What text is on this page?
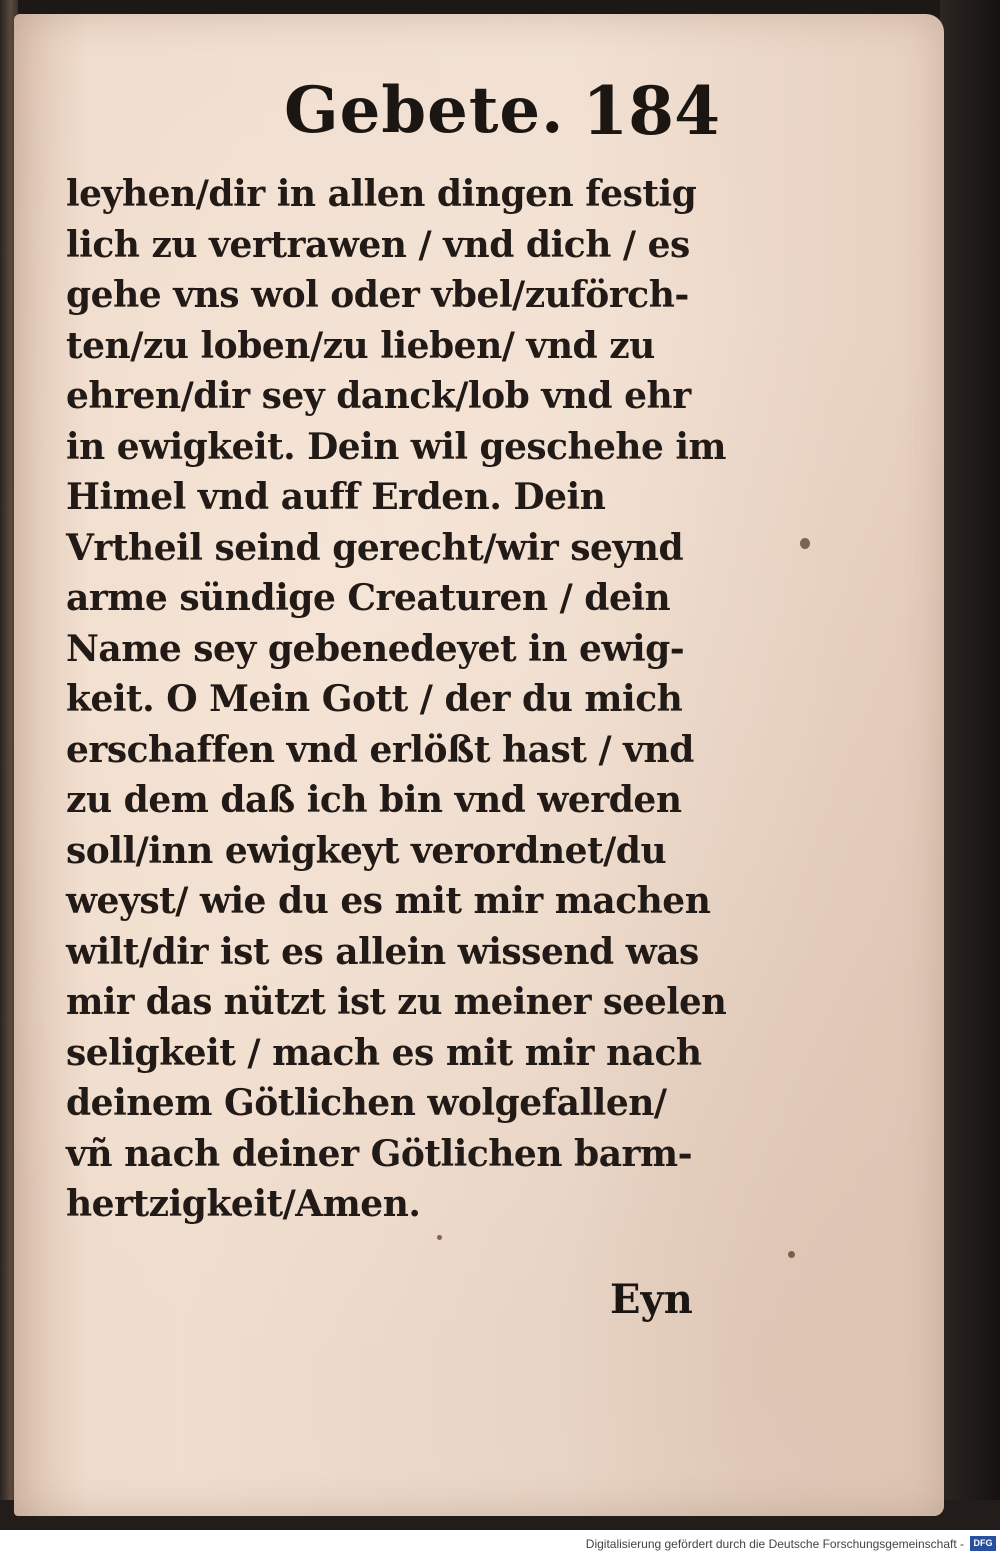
Gebete. 184
leyhen/dir in allen dingen festig
lich zu vertrawen / vnd dich / es
gehe vns wol oder vbel/zuförch-
ten/zu loben/zu lieben/ vnd zu
ehren/dir sey danck/lob vnd ehr
in ewigkeit. Dein wil geschehe im
Himel vnd auff Erden. Dein
Vrtheil seind gerecht/wir seynd
arme sündige Creaturen / dein
Name sey gebenedeyet in ewig-
keit. O Mein Gott / der du mich
erschaffen vnd erlößt hast / vnd
zu dem daß ich bin vnd werden
soll/inn ewigkeyt verordnet/du
weyst/ wie du es mit mir machen
wilt/dir ist es allein wissend was
mir das nützt ist zu meiner seelen
seligkeit / mach es mit mir nach
deinem Götlichen wolgefallen/
vñ nach deiner Götlichen barm-
hertzigkeit/Amen.
Eyn
Digitalisierung gefördert durch die Deutsche Forschungsgemeinschaft -	DFG
